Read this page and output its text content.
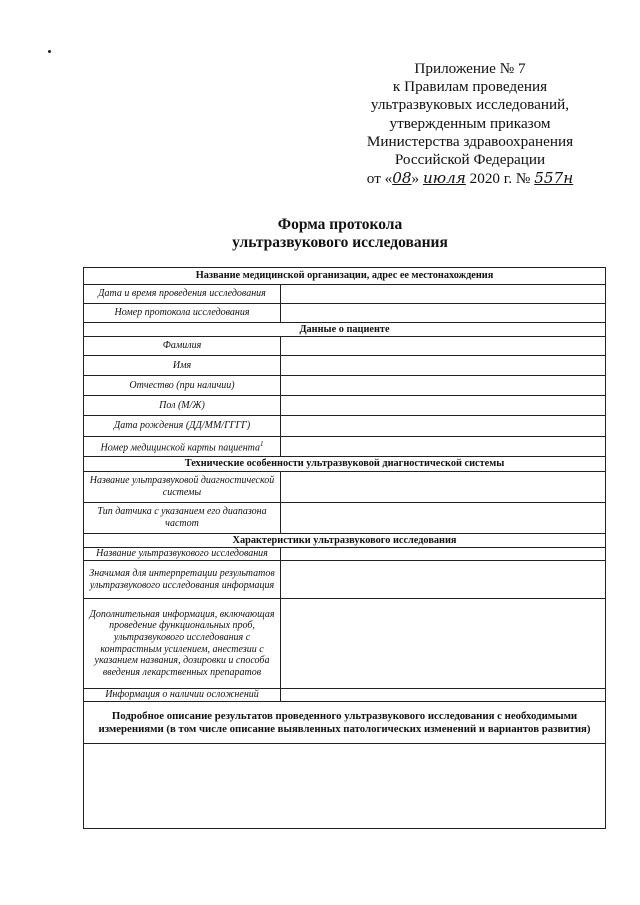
Приложение № 7
к Правилам проведения
ультразвуковых исследований,
утвержденным приказом
Министерства здравоохранения
Российской Федерации
от «08» июля 2020 г. № 557н
Форма протокола
ультразвукового исследования
Название медицинской организации, адрес ее местонахождения	
Дата и время проведения исследования	
Номер протокола исследования	
Данные о пациенте	
Фамилия	
Имя	
Отчество (при наличии)	
Пол (М/Ж)	
Дата рождения (ДД/ММ/ГГГГ)	
Номер медицинской карты пациента$^1$	
Технические особенности ультразвуковой диагностической системы	
Название ультразвуковой диагностической системы	
Тип датчика с указанием его диапазона частот	
Характеристики ультразвукового исследования	
Название ультразвукового исследования	
Значимая для интерпретации результатов ультразвукового исследования информация	
Дополнительная информация, включающая проведение функциональных проб, ультразвукового исследования с контрастным усилением, анестезии с указанием названия, дозировки и способа введения лекарственных препаратов	
Информация о наличии осложнений	
Подробное описание результатов проведенного ультразвукового исследования с необходимыми измерениями (в том числе описание выявленных патологических изменений и вариантов развития)	
